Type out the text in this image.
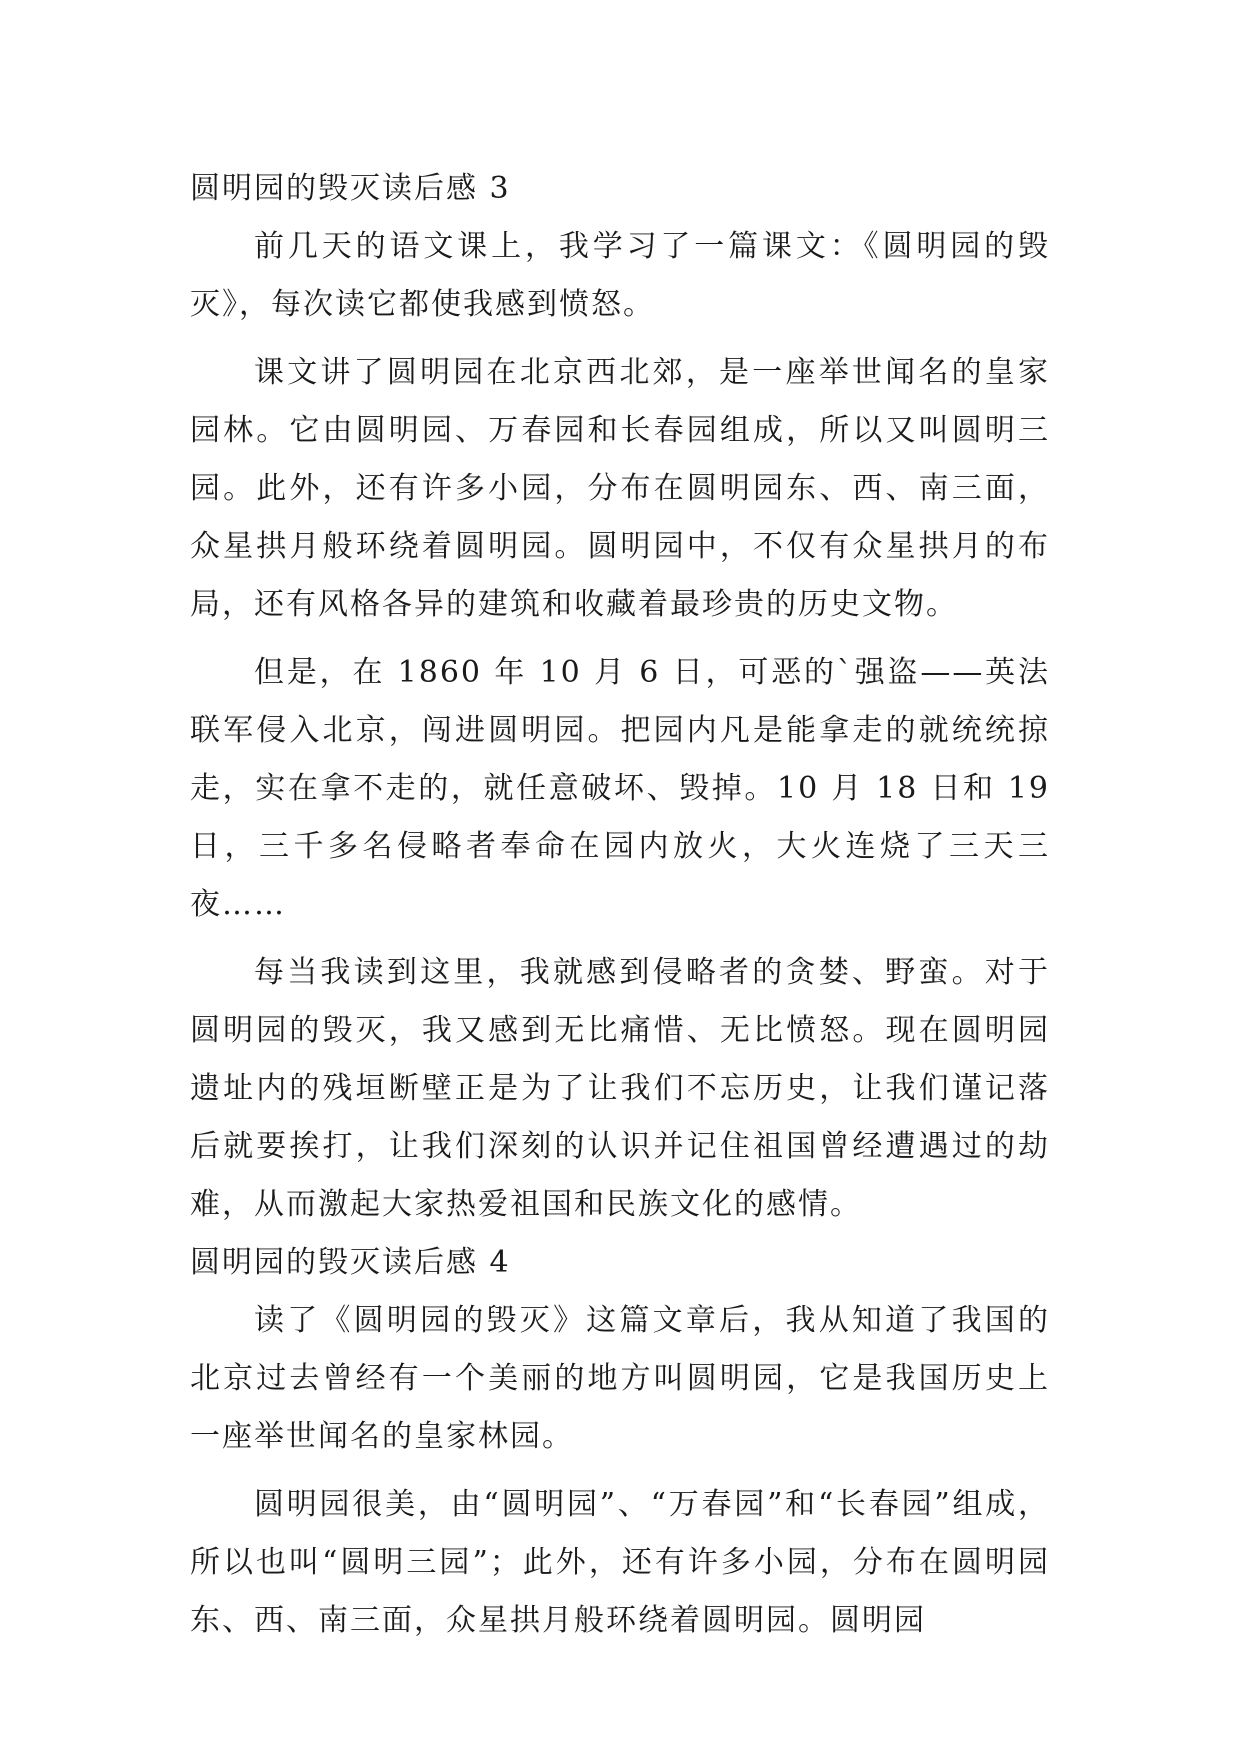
圆明园的毁灭读后感 3

前几天的语文课上，我学习了一篇课文：《圆明园的毁灭》，每次读它都使我感到愤怒。

课文讲了圆明园在北京西北郊，是一座举世闻名的皇家园林。它由圆明园、万春园和长春园组成，所以又叫圆明三园。此外，还有许多小园，分布在圆明园东、西、南三面，众星拱月般环绕着圆明园。圆明园中，不仅有众星拱月的布局，还有风格各异的建筑和收藏着最珍贵的历史文物。

但是，在 1860 年 10 月 6 日，可恶的`强盗——英法联军侵入北京，闯进圆明园。把园内凡是能拿走的就统统掠走，实在拿不走的，就任意破坏、毁掉。10 月 18 日和 19 日，三千多名侵略者奉命在园内放火，大火连烧了三天三夜……

每当我读到这里，我就感到侵略者的贪婪、野蛮。对于圆明园的毁灭，我又感到无比痛惜、无比愤怒。现在圆明园遗址内的残垣断壁正是为了让我们不忘历史，让我们谨记落后就要挨打，让我们深刻的认识并记住祖国曾经遭遇过的劫难，从而激起大家热爱祖国和民族文化的感情。

圆明园的毁灭读后感 4

读了《圆明园的毁灭》这篇文章后，我从知道了我国的北京过去曾经有一个美丽的地方叫圆明园，它是我国历史上一座举世闻名的皇家林园。

圆明园很美，由“圆明园”、“万春园”和“长春园”组成，所以也叫“圆明三园”；此外，还有许多小园，分布在圆明园东、西、南三面，众星拱月般环绕着圆明园。圆明园
